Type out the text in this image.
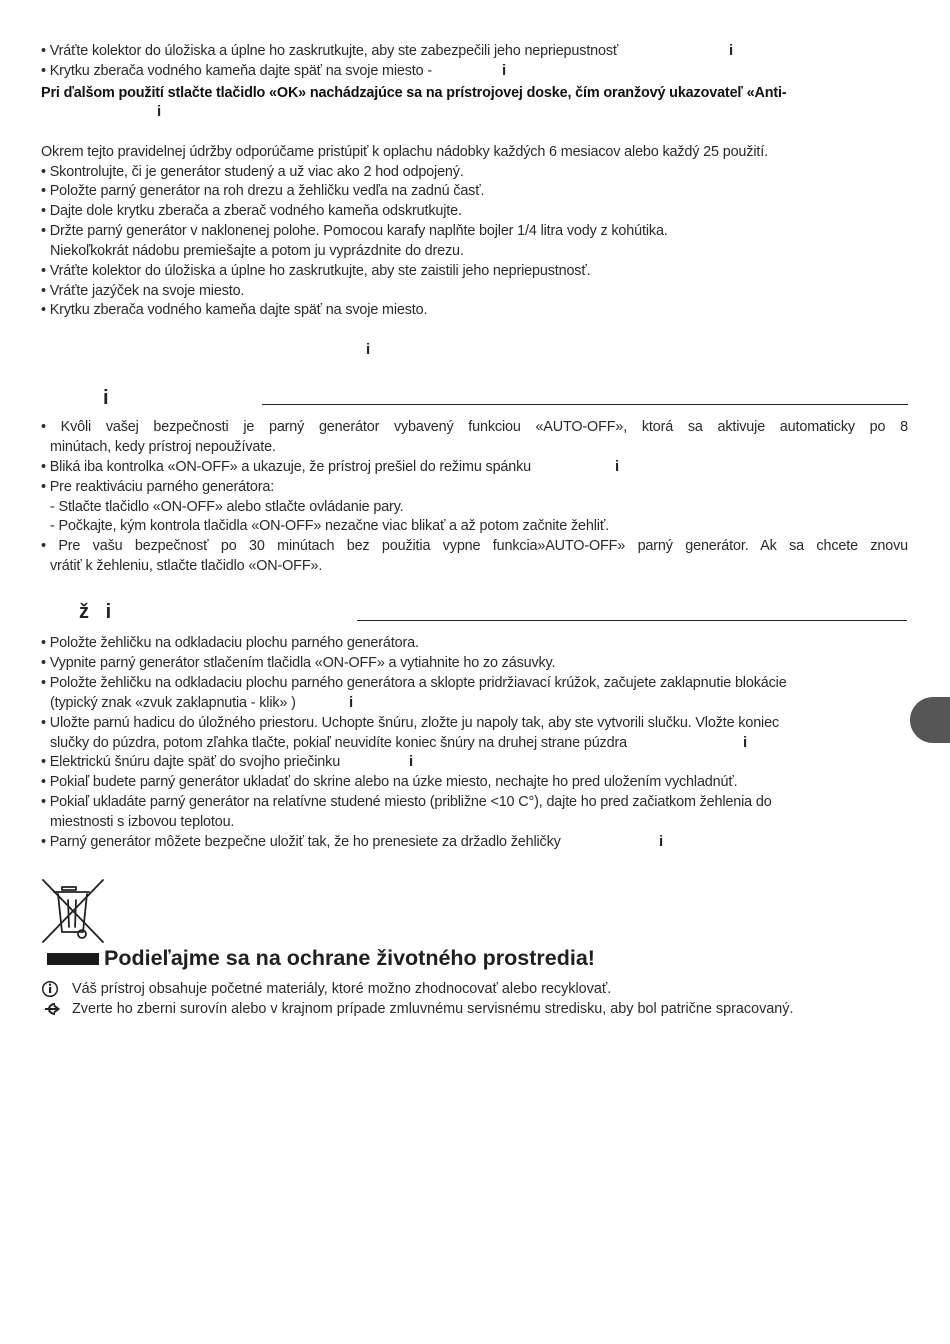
• Vráťte kolektor do úložiska a úplne ho zaskrutkujte, aby ste zabezpečili jeho nepriepustnosť	i
• Krytku zberača vodného kameňa dajte späť na svoje miesto -	i
Pri ďalšom použití stlačte tlačidlo «OK» nachádzajúce sa na prístrojovej doske, čím oranžový ukazovateľ «Anti-
i
Okrem tejto pravidelnej údržby odporúčame pristúpiť k oplachu nádobky každých 6 mesiacov alebo každý 25 použití.
• Skontrolujte, či je generátor studený a už viac ako 2 hod odpojený.
• Položte parný generátor na roh drezu a žehličku vedľa na zadnú časť.
• Dajte dole krytku zberača a zberač vodného kameňa odskrutkujte.
• Držte parný generátor v naklonenej polohe. Pomocou karafy naplňte bojler 1/4 litra vody z kohútika.
Niekoľkokrát nádobu premiešajte a potom ju vyprázdnite do drezu.
• Vráťte kolektor do úložiska a úplne ho zaskrutkujte, aby ste zaistili jeho nepriepustnosť.
• Vráťte jazýček na svoje miesto.
• Krytku zberača vodného kameňa dajte späť na svoje miesto.
i
i
• Kvôli vašej bezpečnosti je parný generátor vybavený funkciou «AUTO-OFF», ktorá sa aktivuje automaticky po 8
minútach, kedy prístroj nepoužívate.
• Bliká iba kontrolka «ON-OFF» a ukazuje, že prístroj prešiel do režimu spánku	i
• Pre reaktiváciu parného generátora:
- Stlačte tlačidlo «ON-OFF» alebo stlačte ovládanie pary.
- Počkajte, kým kontrola tlačidla «ON-OFF» nezačne viac blikať a až potom začnite žehliť.
• Pre vašu bezpečnosť po 30 minútach bez použitia vypne funkcia»AUTO-OFF» parný generátor. Ak sa chcete znovu
vrátiť k žehleniu, stlačte tlačidlo «ON-OFF».
ž   i
• Položte žehličku na odkladaciu plochu parného generátora.
• Vypnite parný generátor stlačením tlačidla «ON-OFF» a vytiahnite ho zo zásuvky.
• Položte žehličku na odkladaciu plochu parného generátora a sklopte pridržiavací krúžok, začujete zaklapnutie blokácie
(typický znak «zvuk zaklapnutia - klik» )	i
• Uložte parnú hadicu do úložného priestoru. Uchopte šnúru, zložte ju napoly tak, aby ste vytvorili slučku. Vložte koniec
slučky do púzdra, potom zľahka tlačte, pokiaľ neuvidíte koniec šnúry na druhej strane púzdra	i
• Elektrickú šnúru dajte späť do svojho priečinku	i
• Pokiaľ budete parný generátor ukladať do skrine alebo na úzke miesto, nechajte ho pred uložením vychladnúť.
• Pokiaľ ukladáte parný generátor na relatívne studené miesto (približne <10 C°), dajte ho pred začiatkom žehlenia do
miestnosti s izbovou teplotou.
• Parný generátor môžete bezpečne uložiť tak, že ho prenesiete za držadlo žehličky	i
Podieľajme sa na ochrane životného prostredia!
Váš prístroj obsahuje početné materiály, ktoré možno zhodnocovať alebo recyklovať.
Zverte ho zberni surovín alebo v krajnom prípade zmluvnému servisnému stredisku, aby bol patrične spracovaný.
